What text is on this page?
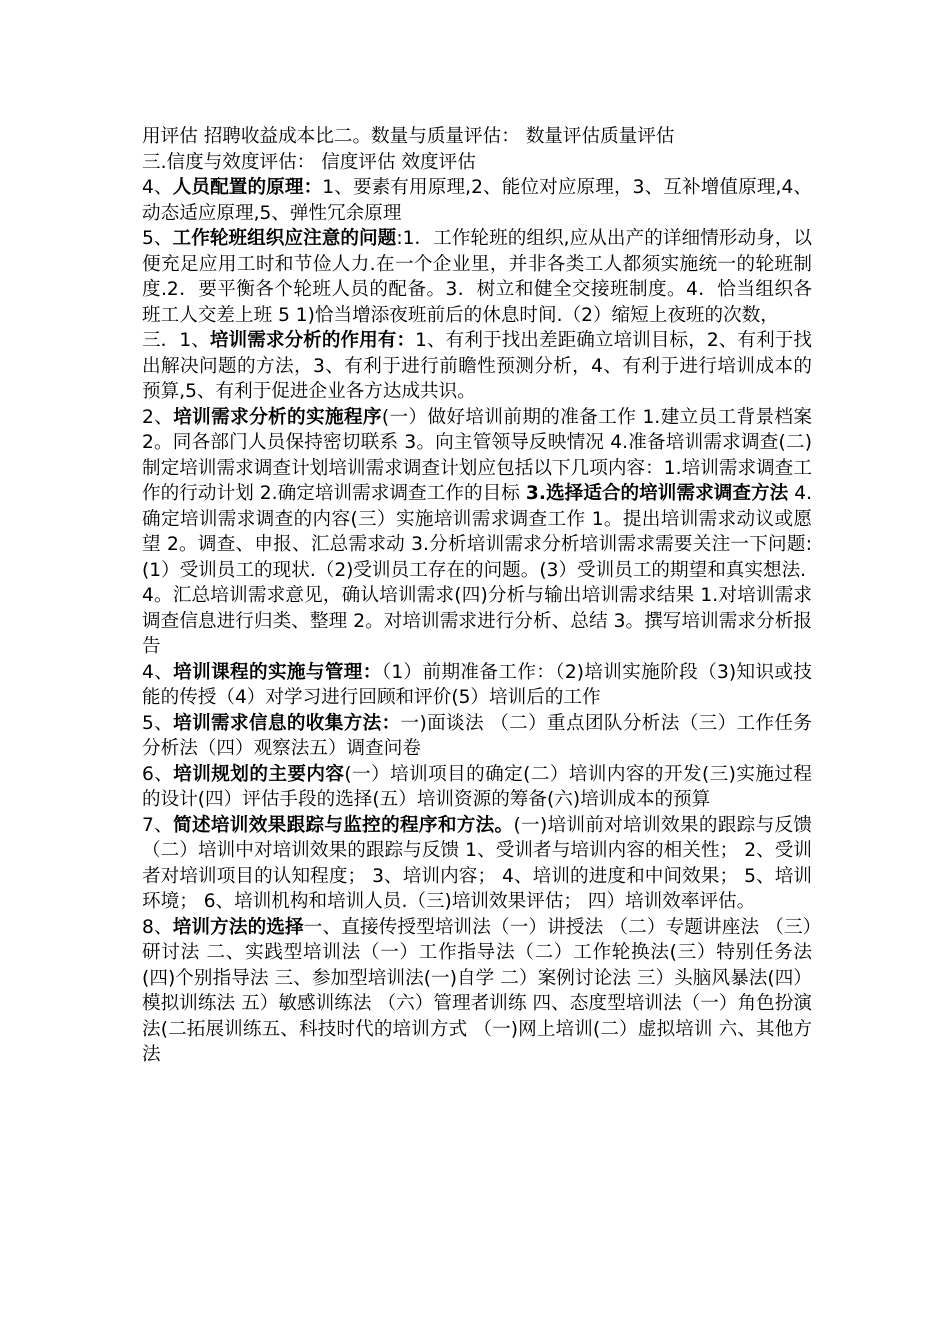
用评估 招聘收益成本比二。数量与质量评估： 数量评估质量评估
三.信度与效度评估： 信度评估 效度评估
4、人员配置的原理：1、要素有用原理,2、能位对应原理，3、互补增值原理,4、动态适应原理,5、弹性冗余原理
5、工作轮班组织应注意的问题:1．工作轮班的组织,应从出产的详细情形动身，以便充足应用工时和节俭人力.在一个企业里，并非各类工人都须实施统一的轮班制度.2．要平衡各个轮班人员的配备。3．树立和健全交接班制度。4．恰当组织各班工人交差上班 5 1)恰当增添夜班前后的休息时间.（2）缩短上夜班的次数，
三．1、培训需求分析的作用有：1、有利于找出差距确立培训目标，2、有利于找出解决问题的方法，3、有利于进行前瞻性预测分析，4、有利于进行培训成本的预算,5、有利于促进企业各方达成共识。
2、培训需求分析的实施程序(一）做好培训前期的准备工作 1.建立员工背景档案 2。同各部门人员保持密切联系 3。向主管领导反映情况 4.准备培训需求调查(二)制定培训需求调查计划培训需求调查计划应包括以下几项内容：1.培训需求调查工作的行动计划 2.确定培训需求调查工作的目标 3.选择适合的培训需求调查方法 4.确定培训需求调查的内容(三）实施培训需求调查工作 1。提出培训需求动议或愿望 2。调查、申报、汇总需求动 3.分析培训需求分析培训需求需要关注一下问题:(1）受训员工的现状.（2)受训员工存在的问题。(3）受训员工的期望和真实想法.
4。汇总培训需求意见，确认培训需求(四)分析与输出培训需求结果 1.对培训需求调查信息进行归类、整理 2。对培训需求进行分析、总结 3。撰写培训需求分析报告
4、培训课程的实施与管理：（1）前期准备工作：（2)培训实施阶段（3)知识或技能的传授（4）对学习进行回顾和评价(5）培训后的工作
5、培训需求信息的收集方法：一)面谈法 （二）重点团队分析法（三）工作任务分析法（四）观察法五）调查问卷
6、培训规划的主要内容(一）培训项目的确定(二）培训内容的开发(三)实施过程的设计(四）评估手段的选择(五）培训资源的筹备(六)培训成本的预算
7、简述培训效果跟踪与监控的程序和方法。(一)培训前对培训效果的跟踪与反馈 （二）培训中对培训效果的跟踪与反馈 1、受训者与培训内容的相关性； 2、受训者对培训项目的认知程度； 3、培训内容； 4、培训的进度和中间效果； 5、培训环境； 6、培训机构和培训人员.（三)培训效果评估； 四）培训效率评估。
8、培训方法的选择一、直接传授型培训法（一）讲授法 （二）专题讲座法 （三）研讨法 二、实践型培训法（一）工作指导法（二）工作轮换法(三）特别任务法 (四)个别指导法 三、参加型培训法(一)自学 二）案例讨论法 三）头脑风暴法(四）模拟训练法 五）敏感训练法 （六）管理者训练 四、态度型培训法（一）角色扮演法(二拓展训练五、科技时代的培训方式 （一)网上培训(二）虚拟培训 六、其他方法
